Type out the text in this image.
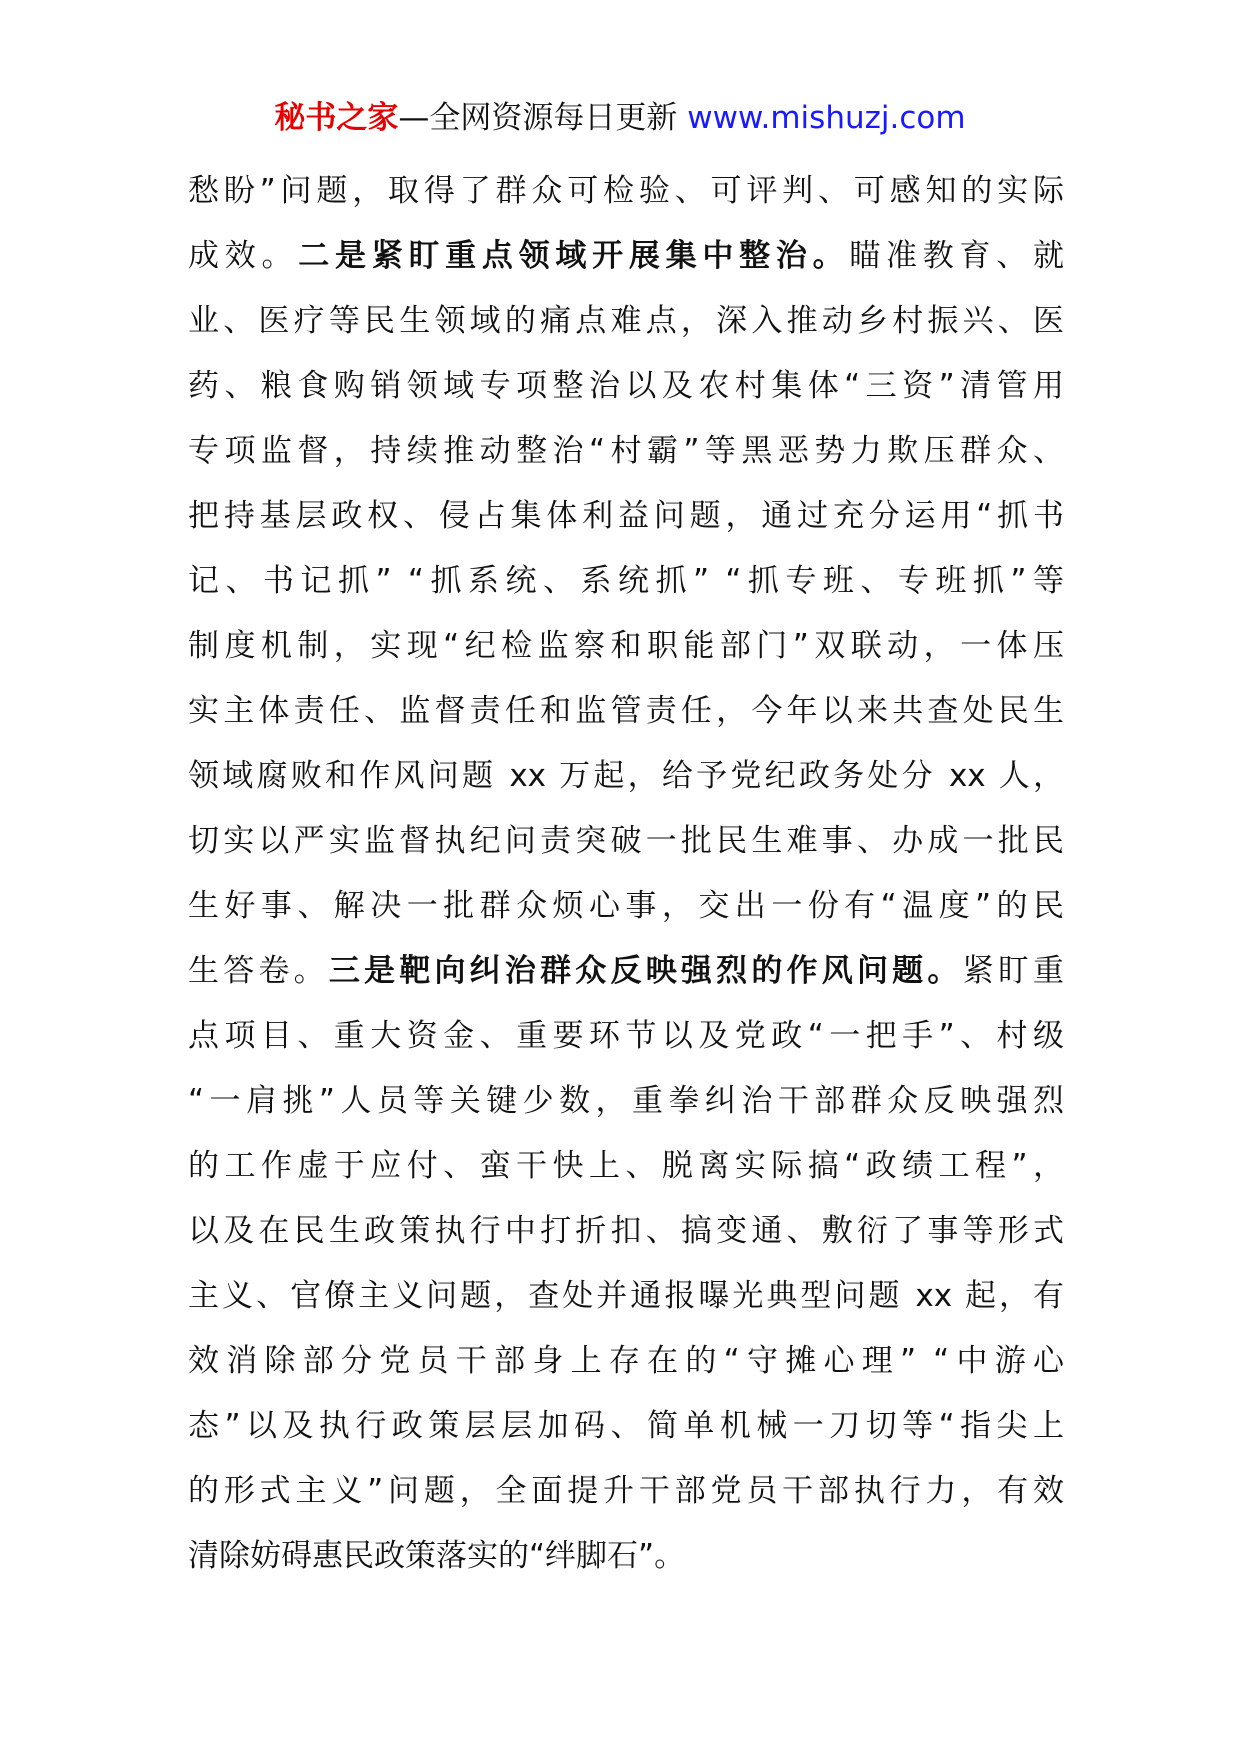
秘书之家—全网资源每日更新 www.mishuzj.com
愁盼”问题，取得了群众可检验、可评判、可感知的实际
成效。二是紧盯重点领域开展集中整治。瞄准教育、就
业、医疗等民生领域的痛点难点，深入推动乡村振兴、医
药、粮食购销领域专项整治以及农村集体“三资”清管用
专项监督，持续推动整治“村霸”等黑恶势力欺压群众、
把持基层政权、侵占集体利益问题，通过充分运用“抓书
记、书记抓” “抓系统、系统抓” “抓专班、专班抓”等
制度机制，实现“纪检监察和职能部门”双联动，一体压
实主体责任、监督责任和监管责任，今年以来共查处民生
领域腐败和作风问题 xx 万起，给予党纪政务处分 xx 人，
切实以严实监督执纪问责突破一批民生难事、办成一批民
生好事、解决一批群众烦心事，交出一份有“温度”的民
生答卷。三是靶向纠治群众反映强烈的作风问题。紧盯重
点项目、重大资金、重要环节以及党政“一把手”、村级
“一肩挑”人员等关键少数，重拳纠治干部群众反映强烈
的工作虚于应付、蛮干快上、脱离实际搞“政绩工程”，
以及在民生政策执行中打折扣、搞变通、敷衍了事等形式
主义、官僚主义问题，查处并通报曝光典型问题 xx 起，有
效消除部分党员干部身上存在的“守摊心理” “中游心
态”以及执行政策层层加码、简单机械一刀切等“指尖上
的形式主义”问题，全面提升干部党员干部执行力，有效
清除妨碍惠民政策落实的“绊脚石”。
